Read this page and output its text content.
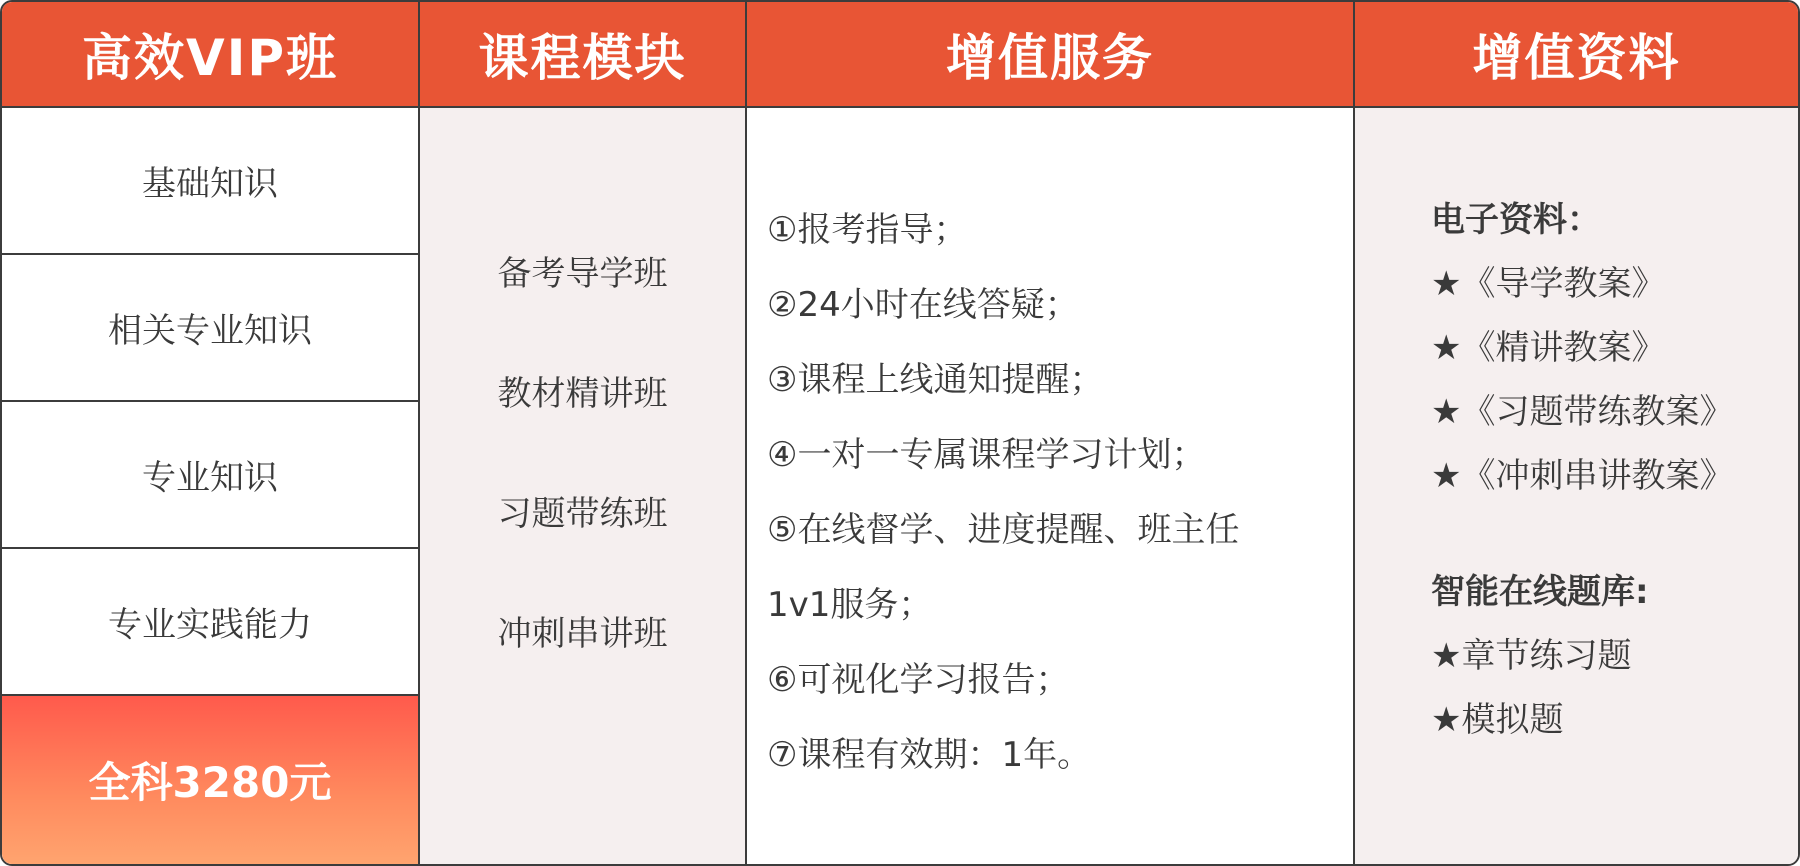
高效VIP班
基础知识
相关专业知识
专业知识
专业实践能力
全科3280元
课程模块
备考导学班
教材精讲班
习题带练班
冲刺串讲班
增值服务
①报考指导；
②24小时在线答疑；
③课程上线通知提醒；
④一对一专属课程学习计划；
⑤在线督学、进度提醒、班主任
1v1服务；
⑥可视化学习报告；
⑦课程有效期：1年。
增值资料
电子资料：
★《导学教案》
★《精讲教案》
★《习题带练教案》
★《冲刺串讲教案》
智能在线题库:
★章节练习题
★模拟题
